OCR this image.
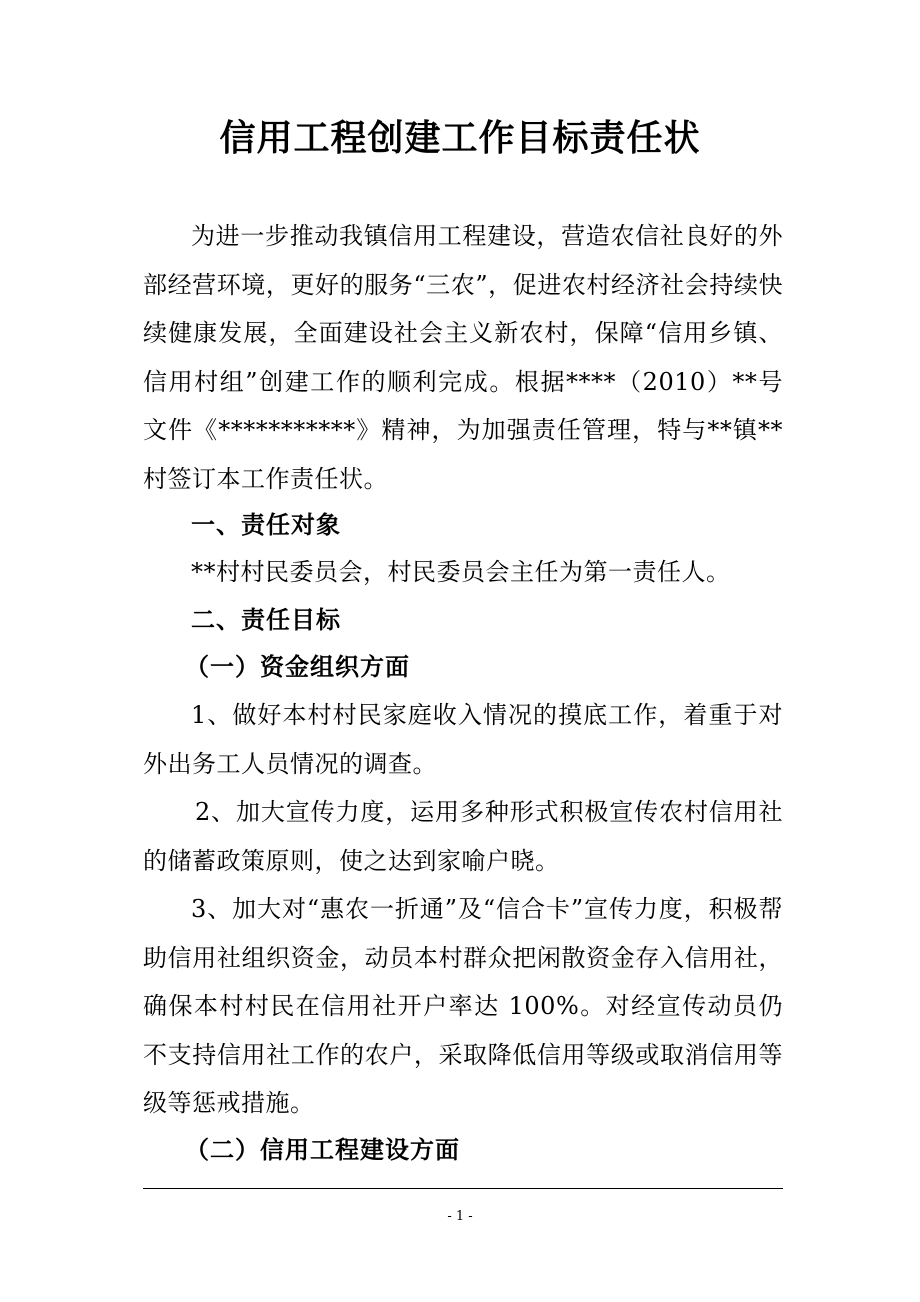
信用工程创建工作目标责任状
为进一步推动我镇信用工程建设，营造农信社良好的外部经营环境，更好的服务“三农”，促进农村经济社会持续快续健康发展，全面建设社会主义新农村，保障“信用乡镇、信用村组”创建工作的顺利完成。根据****（2010）**号文件《***********》精神，为加强责任管理，特与**镇**村签订本工作责任状。
一、责任对象
**村村民委员会，村民委员会主任为第一责任人。
二、责任目标
（一）资金组织方面
1、做好本村村民家庭收入情况的摸底工作，着重于对外出务工人员情况的调查。
2、加大宣传力度，运用多种形式积极宣传农村信用社的储蓄政策原则，使之达到家喻户晓。
3、加大对“惠农一折通”及“信合卡”宣传力度，积极帮助信用社组织资金，动员本村群众把闲散资金存入信用社，确保本村村民在信用社开户率达 100%。对经宣传动员仍不支持信用社工作的农户，采取降低信用等级或取消信用等级等惩戒措施。
（二）信用工程建设方面
- 1 -
